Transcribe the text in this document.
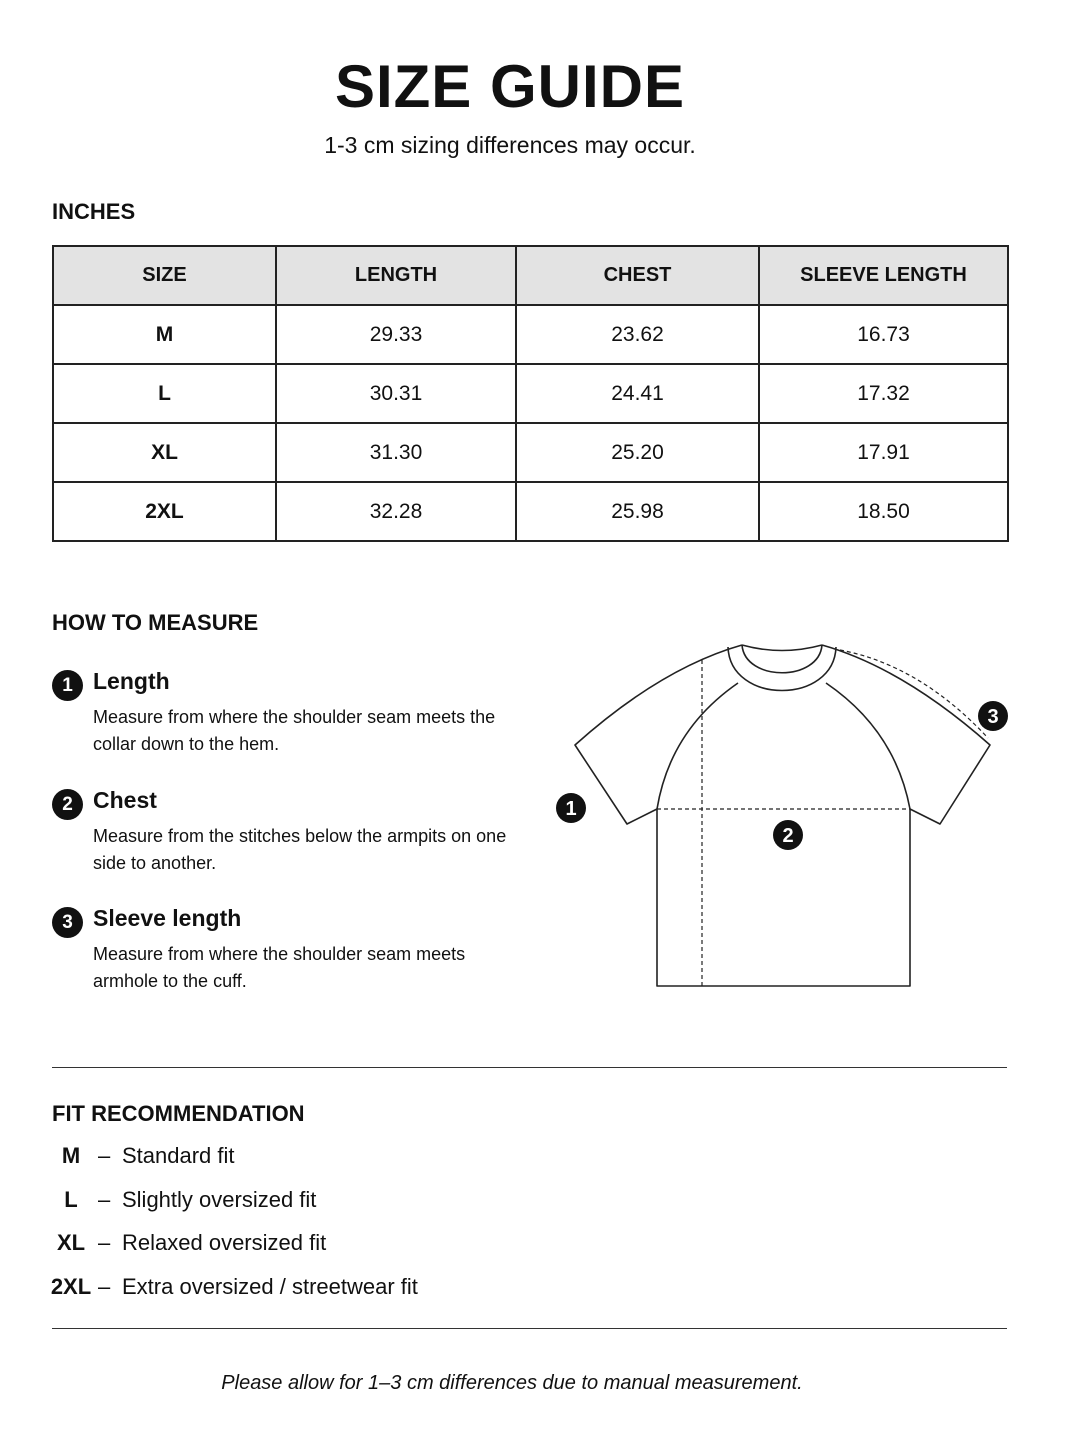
SIZE GUIDE
1-3 cm sizing differences may occur.
INCHES
SIZE	LENGTH	CHEST	SLEEVE LENGTH
M	29.33	23.62	16.73
L	30.31	24.41	17.32
XL	31.30	25.20	17.91
2XL	32.28	25.98	18.50
HOW TO MEASURE
1 Length
Measure from where the shoulder seam meets the collar down to the hem.
2 Chest
Measure from the stitches below the armpits on one side to another.
3 Sleeve length
Measure from where the shoulder seam meets armhole to the cuff.
1
2
3
FIT RECOMMENDATION
M – Standard fit
L – Slightly oversized fit
XL – Relaxed oversized fit
2XL – Extra oversized / streetwear fit
Please allow for 1–3 cm differences due to manual measurement.
